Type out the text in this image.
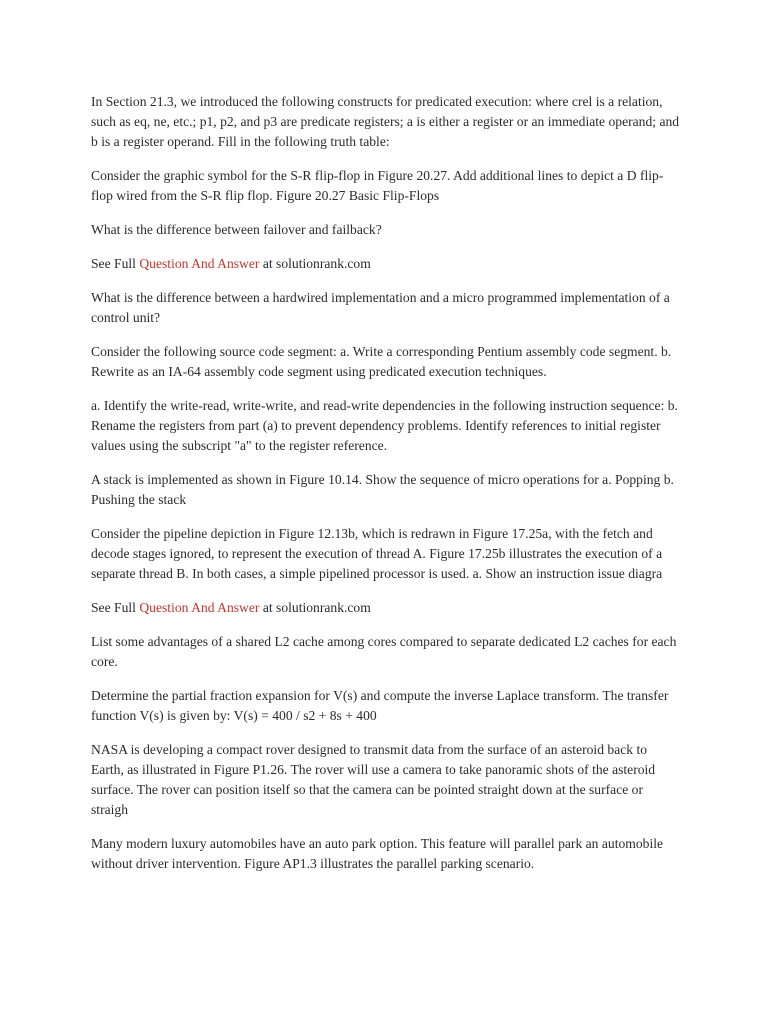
In Section 21.3, we introduced the following constructs for predicated execution: where crel is a relation, such as eq, ne, etc.; p1, p2, and p3 are predicate registers; a is either a register or an immediate operand; and b is a register operand. Fill in the following truth table:

Consider the graphic symbol for the S-R flip-flop in Figure 20.27. Add additional lines to depict a D flip-flop wired from the S-R flip flop. Figure 20.27 Basic Flip-Flops

What is the difference between failover and failback?

See Full Question And Answer at solutionrank.com

What is the difference between a hardwired implementation and a micro programmed implementation of a control unit?

Consider the following source code segment: a. Write a corresponding Pentium assembly code segment. b. Rewrite as an IA-64 assembly code segment using predicated execution techniques.

a. Identify the write-read, write-write, and read-write dependencies in the following instruction sequence: b. Rename the registers from part (a) to prevent dependency problems. Identify references to initial register values using the subscript "a" to the register reference.

A stack is implemented as shown in Figure 10.14. Show the sequence of micro operations for a. Popping b. Pushing the stack

Consider the pipeline depiction in Figure 12.13b, which is redrawn in Figure 17.25a, with the fetch and decode stages ignored, to represent the execution of thread A. Figure 17.25b illustrates the execution of a separate thread B. In both cases, a simple pipelined processor is used. a. Show an instruction issue diagra

See Full Question And Answer at solutionrank.com

List some advantages of a shared L2 cache among cores compared to separate dedicated L2 caches for each core.

Determine the partial fraction expansion for V(s) and compute the inverse Laplace transform. The transfer function V(s) is given by: V(s) = 400 / s2 + 8s + 400

NASA is developing a compact rover designed to transmit data from the surface of an asteroid back to Earth, as illustrated in Figure P1.26. The rover will use a camera to take panoramic shots of the asteroid surface. The rover can position itself so that the camera can be pointed straight down at the surface or straigh

Many modern luxury automobiles have an auto park option. This feature will parallel park an automobile without driver intervention. Figure AP1.3 illustrates the parallel parking scenario.
